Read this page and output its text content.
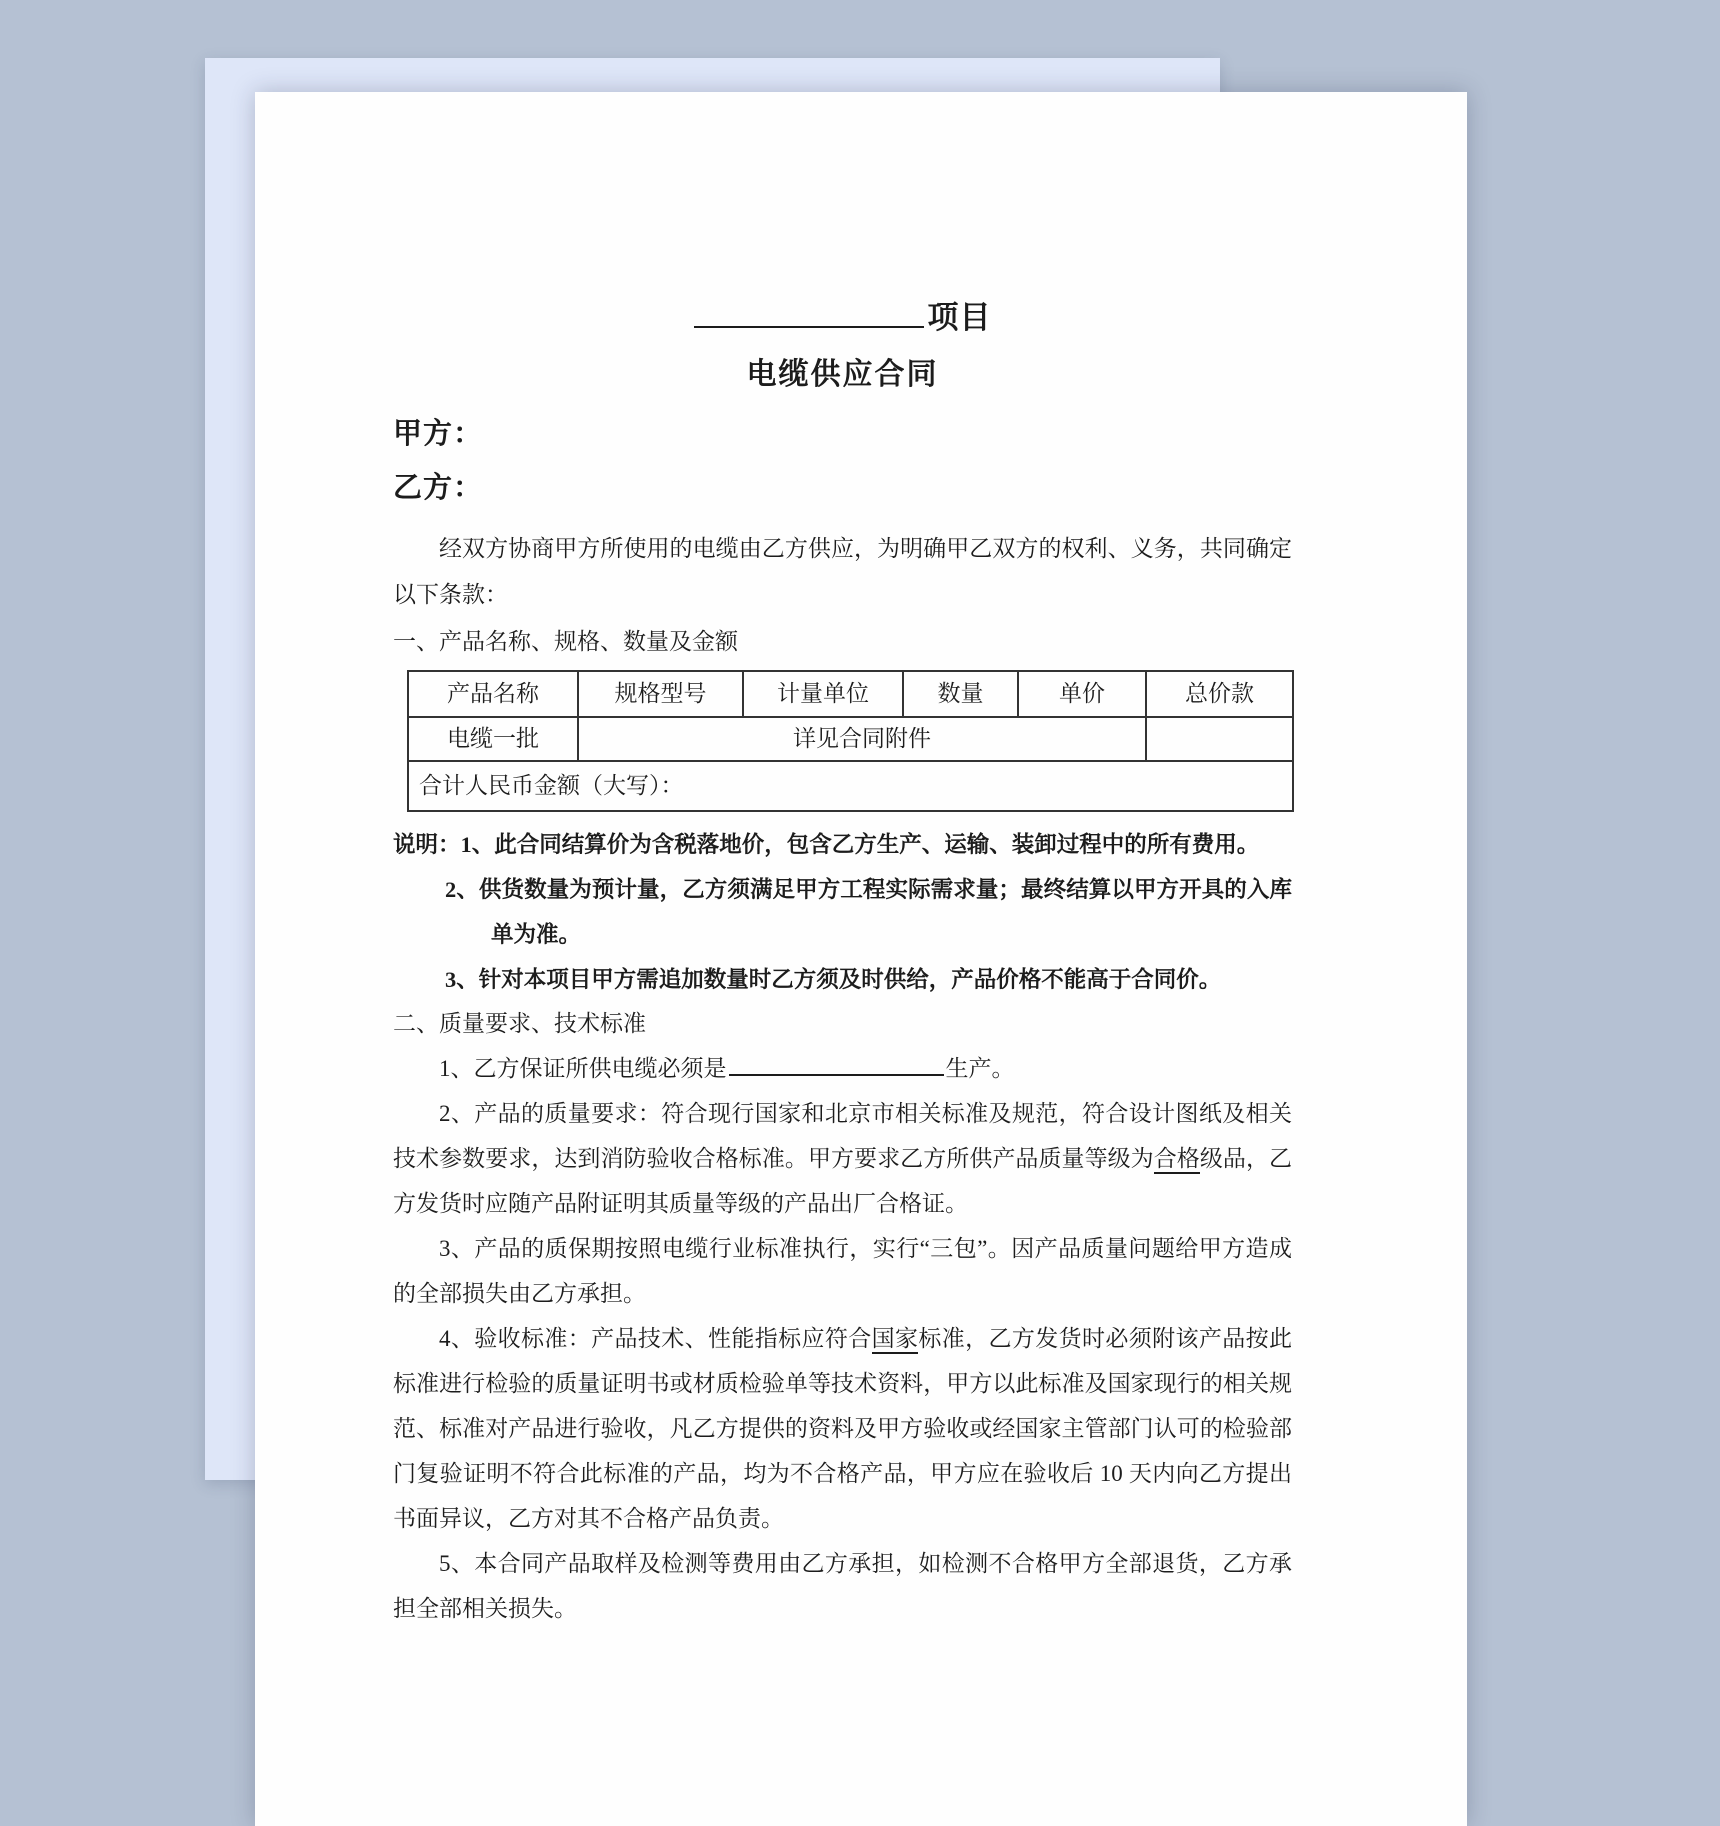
项目

电缆供应合同

甲方：

乙方：

经双方协商甲方所使用的电缆由乙方供应，为明确甲乙双方的权利、义务，共同确定以下条款：

一、产品名称、规格、数量及金额

产品名称	规格型号	计量单位	数量	单价	总价款
电缆一批	详见合同附件				
合计人民币金额（大写）：					

说明：1、此合同结算价为含税落地价，包含乙方生产、运输、装卸过程中的所有费用。

2、供货数量为预计量，乙方须满足甲方工程实际需求量；最终结算以甲方开具的入库单为准。

3、针对本项目甲方需追加数量时乙方须及时供给，产品价格不能高于合同价。

二、质量要求、技术标准

1、乙方保证所供电缆必须是	生产。

2、产品的质量要求：符合现行国家和北京市相关标准及规范，符合设计图纸及相关技术参数要求，达到消防验收合格标准。甲方要求乙方所供产品质量等级为合格级品，乙方发货时应随产品附证明其质量等级的产品出厂合格证。

3、产品的质保期按照电缆行业标准执行，实行“三包”。因产品质量问题给甲方造成的全部损失由乙方承担。

4、验收标准：产品技术、性能指标应符合国家标准，乙方发货时必须附该产品按此标准进行检验的质量证明书或材质检验单等技术资料，甲方以此标准及国家现行的相关规范、标准对产品进行验收，凡乙方提供的资料及甲方验收或经国家主管部门认可的检验部门复验证明不符合此标准的产品，均为不合格产品，甲方应在验收后 10 天内向乙方提出书面异议，乙方对其不合格产品负责。

5、本合同产品取样及检测等费用由乙方承担，如检测不合格甲方全部退货，乙方承担全部相关损失。
